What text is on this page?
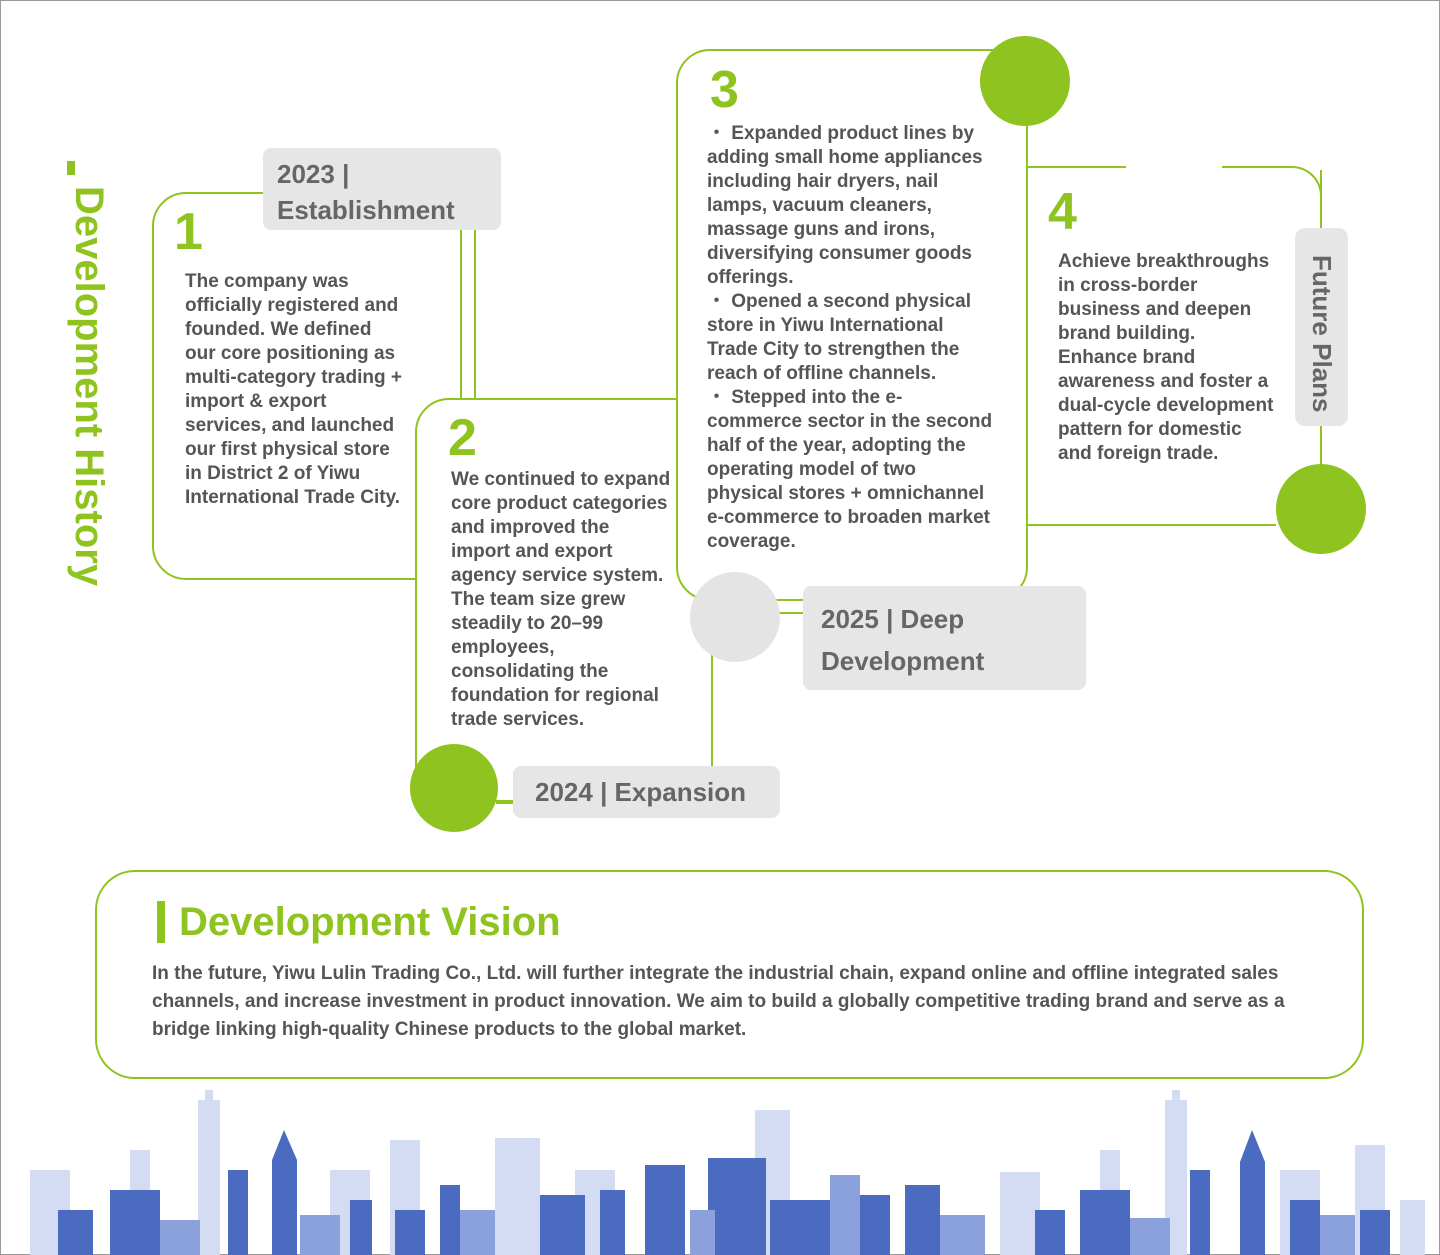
Development History 1
2023 | Establishment
The company was officially registered and founded. We defined our core positioning as multi-category trading + import & export services, and launched our first physical store in District 2 of Yiwu International Trade City.
2
We continued to expand core product categories and improved the import and export agency service system. The team size grew steadily to 20–99 employees, consolidating the foundation for regional trade services.
2024 | Expansion
3
・ Expanded product lines by adding small home appliances including hair dryers, nail lamps, vacuum cleaners, massage guns and irons, diversifying consumer goods offerings.
・ Opened a second physical store in Yiwu International Trade City to strengthen the reach of offline channels.
・ Stepped into the e-commerce sector in the second half of the year, adopting the operating model of two physical stores + omnichannel e-commerce to broaden market coverage.
2025 | Deep Development
4
Achieve breakthroughs in cross-border business and deepen brand building. Enhance brand awareness and foster a dual-cycle development pattern for domestic and foreign trade.
Future Plans
Development Vision
In the future, Yiwu Lulin Trading Co., Ltd. will further integrate the industrial chain, expand online and offline integrated sales channels, and increase investment in product innovation. We aim to build a globally competitive trading brand and serve as a bridge linking high-quality Chinese products to the global market.
